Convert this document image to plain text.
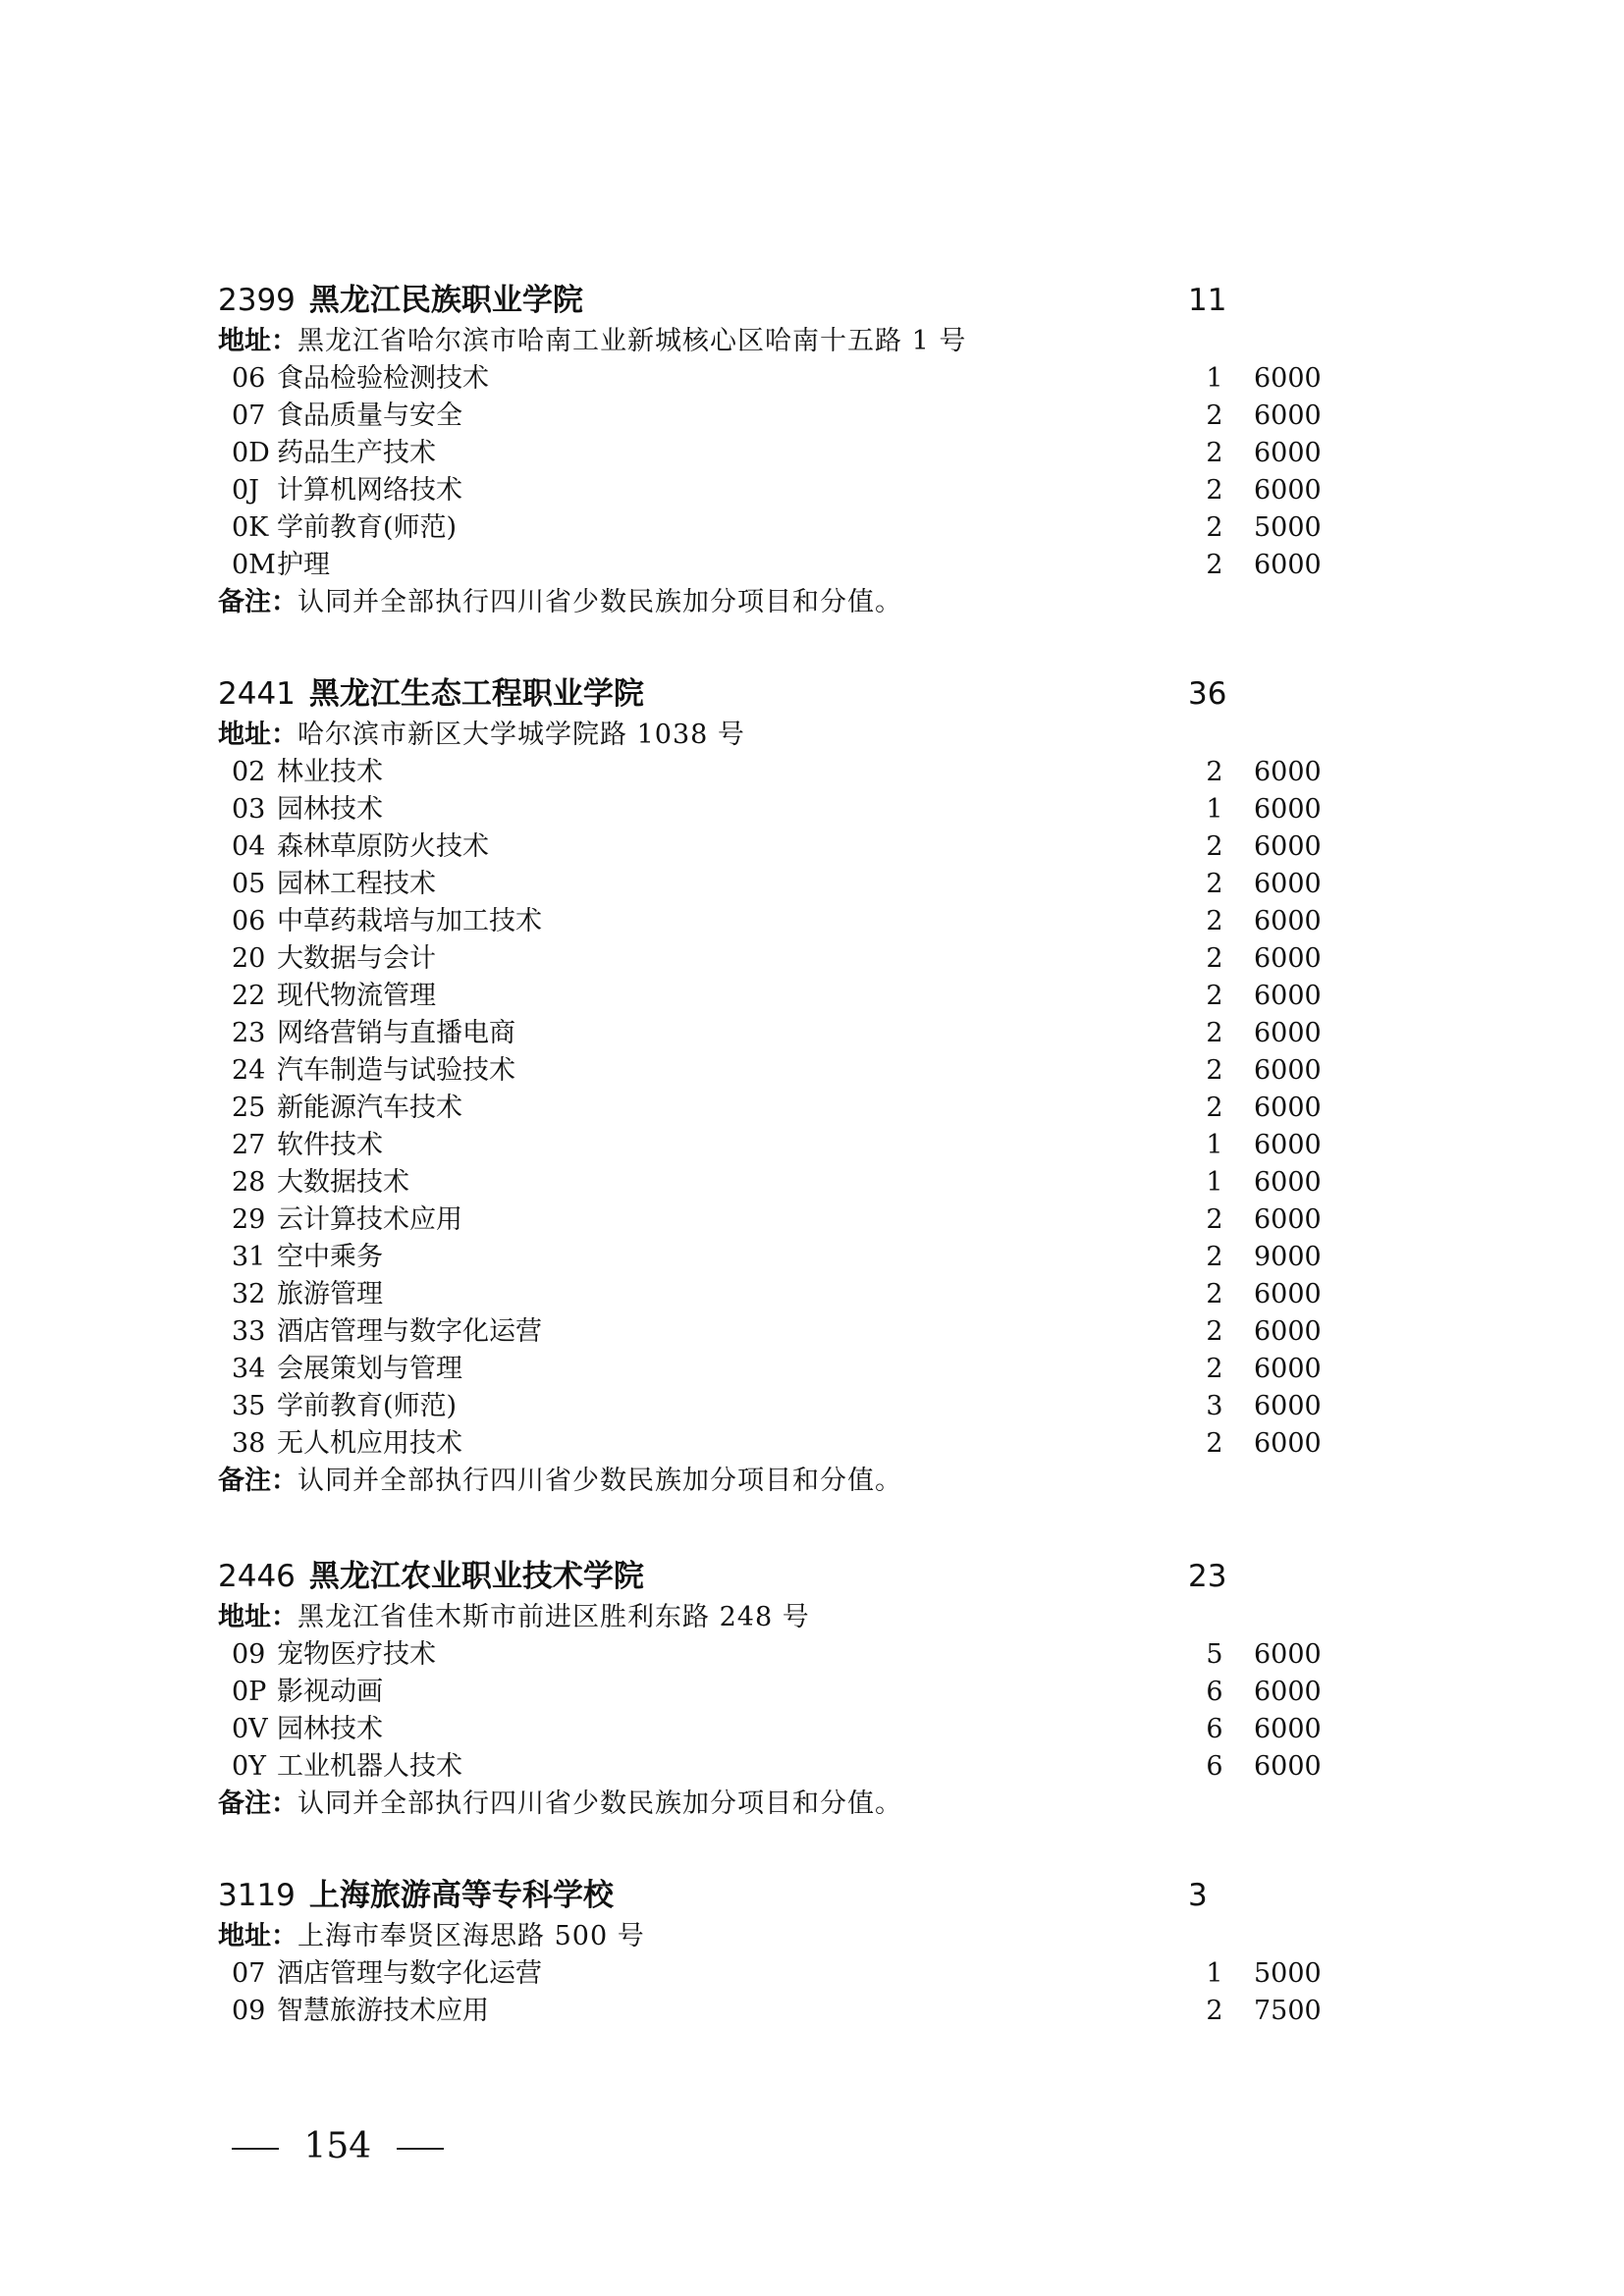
2399 黑龙江民族职业学院	11
地址：黑龙江省哈尔滨市哈南工业新城核心区哈南十五路 1 号
06 食品检验检测技术	1 6000
07 食品质量与安全	2 6000
0D 药品生产技术	2 6000
0J 计算机网络技术	2 6000
0K 学前教育(师范)	2 5000
0M护理	2 6000
备注：认同并全部执行四川省少数民族加分项目和分值。
2441 黑龙江生态工程职业学院	36
地址：哈尔滨市新区大学城学院路 1038 号
02 林业技术	2 6000
03 园林技术	1 6000
04 森林草原防火技术	2 6000
05 园林工程技术	2 6000
06 中草药栽培与加工技术	2 6000
20 大数据与会计	2 6000
22 现代物流管理	2 6000
23 网络营销与直播电商	2 6000
24 汽车制造与试验技术	2 6000
25 新能源汽车技术	2 6000
27 软件技术	1 6000
28 大数据技术	1 6000
29 云计算技术应用	2 6000
31 空中乘务	2 9000
32 旅游管理	2 6000
33 酒店管理与数字化运营	2 6000
34 会展策划与管理	2 6000
35 学前教育(师范)	3 6000
38 无人机应用技术	2 6000
备注：认同并全部执行四川省少数民族加分项目和分值。
2446 黑龙江农业职业技术学院	23
地址：黑龙江省佳木斯市前进区胜利东路 248 号
09 宠物医疗技术	5 6000
0P 影视动画	6 6000
0V 园林技术	6 6000
0Y 工业机器人技术	6 6000
备注：认同并全部执行四川省少数民族加分项目和分值。
3119 上海旅游高等专科学校	3
地址：上海市奉贤区海思路 500 号
07 酒店管理与数字化运营	1 5000
09 智慧旅游技术应用	2 7500
154
